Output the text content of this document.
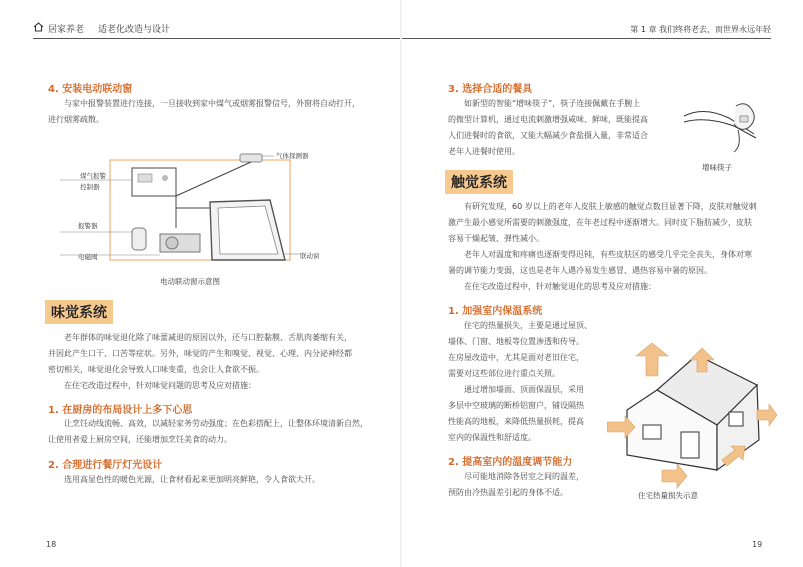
居家养老 适老化改造与设计
4. 安装电动联动窗
与家中报警装置进行连接，一旦接收到家中煤气或烟雾报警信号，外窗将自动打开，
进行烟雾疏散。
气体探测器
煤气报警
控制器
报警器
电磁阀	联动窗
电动联动窗示意图
味觉系统
老年群体的味觉退化除了味蕾减退的原因以外，还与口腔黏膜、舌肌肉萎缩有关，
并因此产生口干、口苦等症状。另外，味觉的产生和嗅觉、视觉、心理、内分泌神经都
密切相关，味觉退化会导致人口味变重，也会让人食欲不振。
在住宅改造过程中，针对味觉问题的思考及应对措施：
1. 在厨房的布局设计上多下心思
让烹饪动线流畅、高效，以减轻家务劳动强度；在色彩搭配上，让整体环境清新自然，
让使用者爱上厨房空间，还能增加烹饪美食的动力。
2. 合理进行餐厅灯光设计
选用高显色性的暖色光源，让食材看起来更加明亮鲜艳，令人食欲大开。
18
第 1 章 我们终将老去，而世界永远年轻
3. 选择合适的餐具
如新型的智能“增味筷子”，筷子连接佩戴在手腕上
的微型计算机，通过电流刺激增强咸味、鲜味，既能提高
人们进餐时的食欲，又能大幅减少食盐摄入量，非常适合
老年人进餐时使用。
增味筷子
触觉系统
有研究发现，60 岁以上的老年人皮肤上敏感的触觉点数目显著下降，皮肤对触觉刺
激产生最小感觉所需要的刺激强度，在年老过程中逐渐增大。同时皮下脂肪减少，皮肤
容易干燥起皱、弹性减小。
老年人对温度和疼痛也逐渐变得迟钝，有些皮肤区的感受几乎完全丧失，身体对寒
暑的调节能力变弱，这也是老年人遇冷易发生感冒、遇热容易中暑的原因。
在住宅改造过程中，针对触觉退化的思考及应对措施：
1. 加强室内保温系统
住宅的热量损失，主要是通过屋顶、
墙体、门窗、地板等位置渗透和传导。
在房屋改造中，尤其是面对老旧住宅，
需要对这些部位进行重点关照。
通过增加墙面、顶面保温层，采用
多层中空玻璃的断桥铝窗户，铺设隔热
性能高的地板，来降低热量损耗，提高
室内的保温性和舒适度。
2. 提高室内的温度调节能力
尽可能地消除各居室之间的温差，
预防由冷热温差引起的身体不适。	住宅热量损失示意
19
